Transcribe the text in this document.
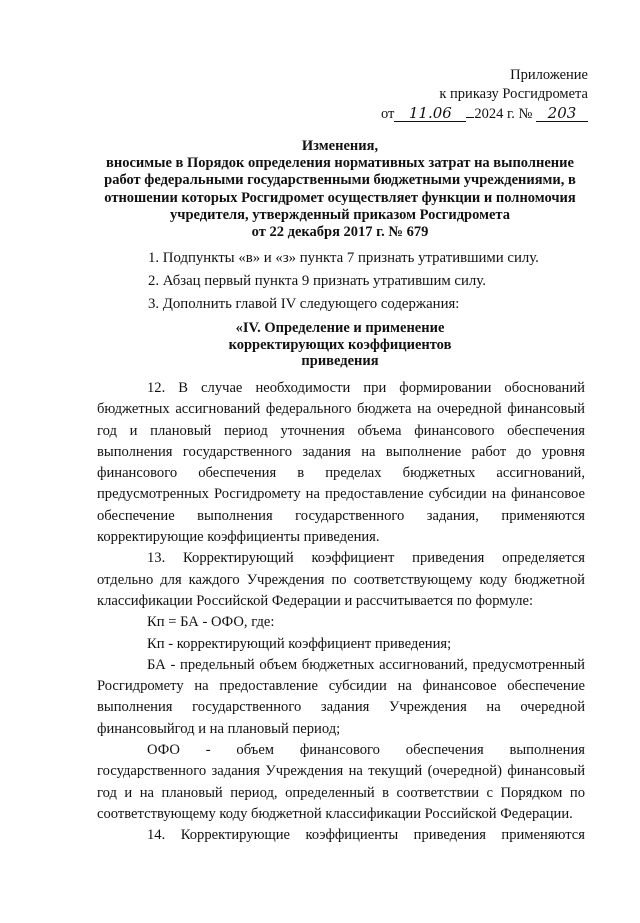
Приложение
к приказу Росгидромета
от 11.06 2024 г. № 203
Изменения,
вносимые в Порядок определения нормативных затрат на выполнение
работ федеральными государственными бюджетными учреждениями, в
отношении которых Росгидромет осуществляет функции и полномочия
учредителя, утвержденный приказом Росгидромета
от 22 декабря 2017 г. № 679
1. Подпункты «в» и «з» пункта 7 признать утратившими силу.
2. Абзац первый пункта 9 признать утратившим силу.
3. Дополнить главой IV следующего содержания:
«IV. Определение и применение
корректирующих коэффициентов
приведения

12. В случае необходимости при формировании обоснований бюджетных ассигнований федерального бюджета на очередной финансовый год и плановый период уточнения объема финансового обеспечения выполнения государственного задания на выполнение работ до уровня финансового обеспечения в пределах бюджетных ассигнований, предусмотренных Росгидромету на предоставление субсидии на финансовое обеспечение выполнения государственного задания, применяются корректирующие коэффициенты приведения.

13. Корректирующий коэффициент приведения определяется отдельно для каждого Учреждения по соответствующему коду бюджетной классификации Российской Федерации и рассчитывается по формуле:

Кп = БА - ОФО, где:

Кп - корректирующий коэффициент приведения;

БА - предельный объем бюджетных ассигнований, предусмотренный Росгидромету на предоставление субсидии на финансовое обеспечение выполнения государственного задания Учреждения на очередной финансовыйгод и на плановый период;

ОФО - объем финансового обеспечения выполнения государственного задания Учреждения на текущий (очередной) финансовый год и на плановый период, определенный в соответствии с Порядком по соответствующему коду бюджетной классификации Российской Федерации.

14. Корректирующие коэффициенты приведения применяются
